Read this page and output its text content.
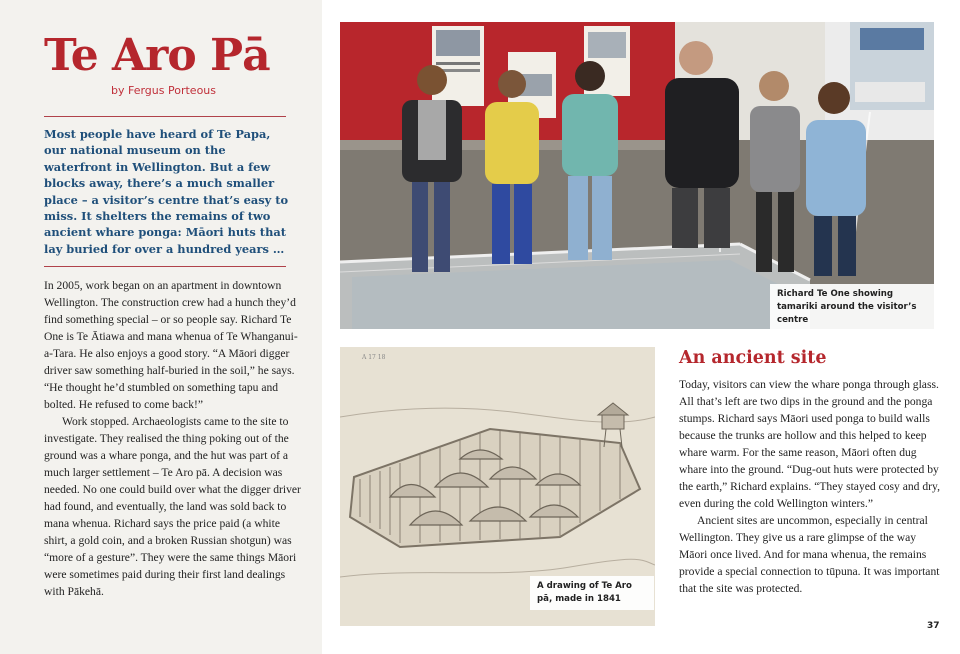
Te Aro Pā
by Fergus Porteous

Most people have heard of Te Papa, our national museum on the waterfront in Wellington. But a few blocks away, there’s a much smaller place – a visitor’s centre that’s easy to miss. It shelters the remains of two ancient whare ponga: Māori huts that lay buried for over a hundred years …

In 2005, work began on an apartment in downtown Wellington. The construction crew had a hunch they’d find something special – or so people say. Richard Te One is Te Ātiawa and mana whenua of Te Whanganui-a-Tara. He also enjoys a good story. “A Māori digger driver saw something half-buried in the soil,” he says. “He thought he’d stumbled on something tapu and bolted. He refused to come back!”

Work stopped. Archaeologists came to the site to investigate. They realised the thing poking out of the ground was a whare ponga, and the hut was part of a much larger settlement – Te Aro pā. A decision was needed. No one could build over what the digger driver had found, and eventually, the land was sold back to mana whenua. Richard says the price paid (a white shirt, a gold coin, and a broken Russian shotgun) was “more of a gesture”. They were the same things Māori were sometimes paid during their first land dealings with Pākehā.

Richard Te One showing tamariki around the visitor’s centre
A 17 18
A drawing of Te Aro pā, made in 1841
An ancient site

Today, visitors can view the whare ponga through glass. All that’s left are two dips in the ground and the ponga stumps. Richard says Māori used ponga to build walls because the trunks are hollow and this helped to keep whare warm. For the same reason, Māori often dug whare into the ground. “Dug-out huts were protected by the earth,” Richard explains. “They stayed cosy and dry, even during the cold Wellington winters.”

Ancient sites are uncommon, especially in central Wellington. They give us a rare glimpse of the way Māori once lived. And for mana whenua, the remains provide a special connection to tūpuna. It was important that the site was protected.

37
